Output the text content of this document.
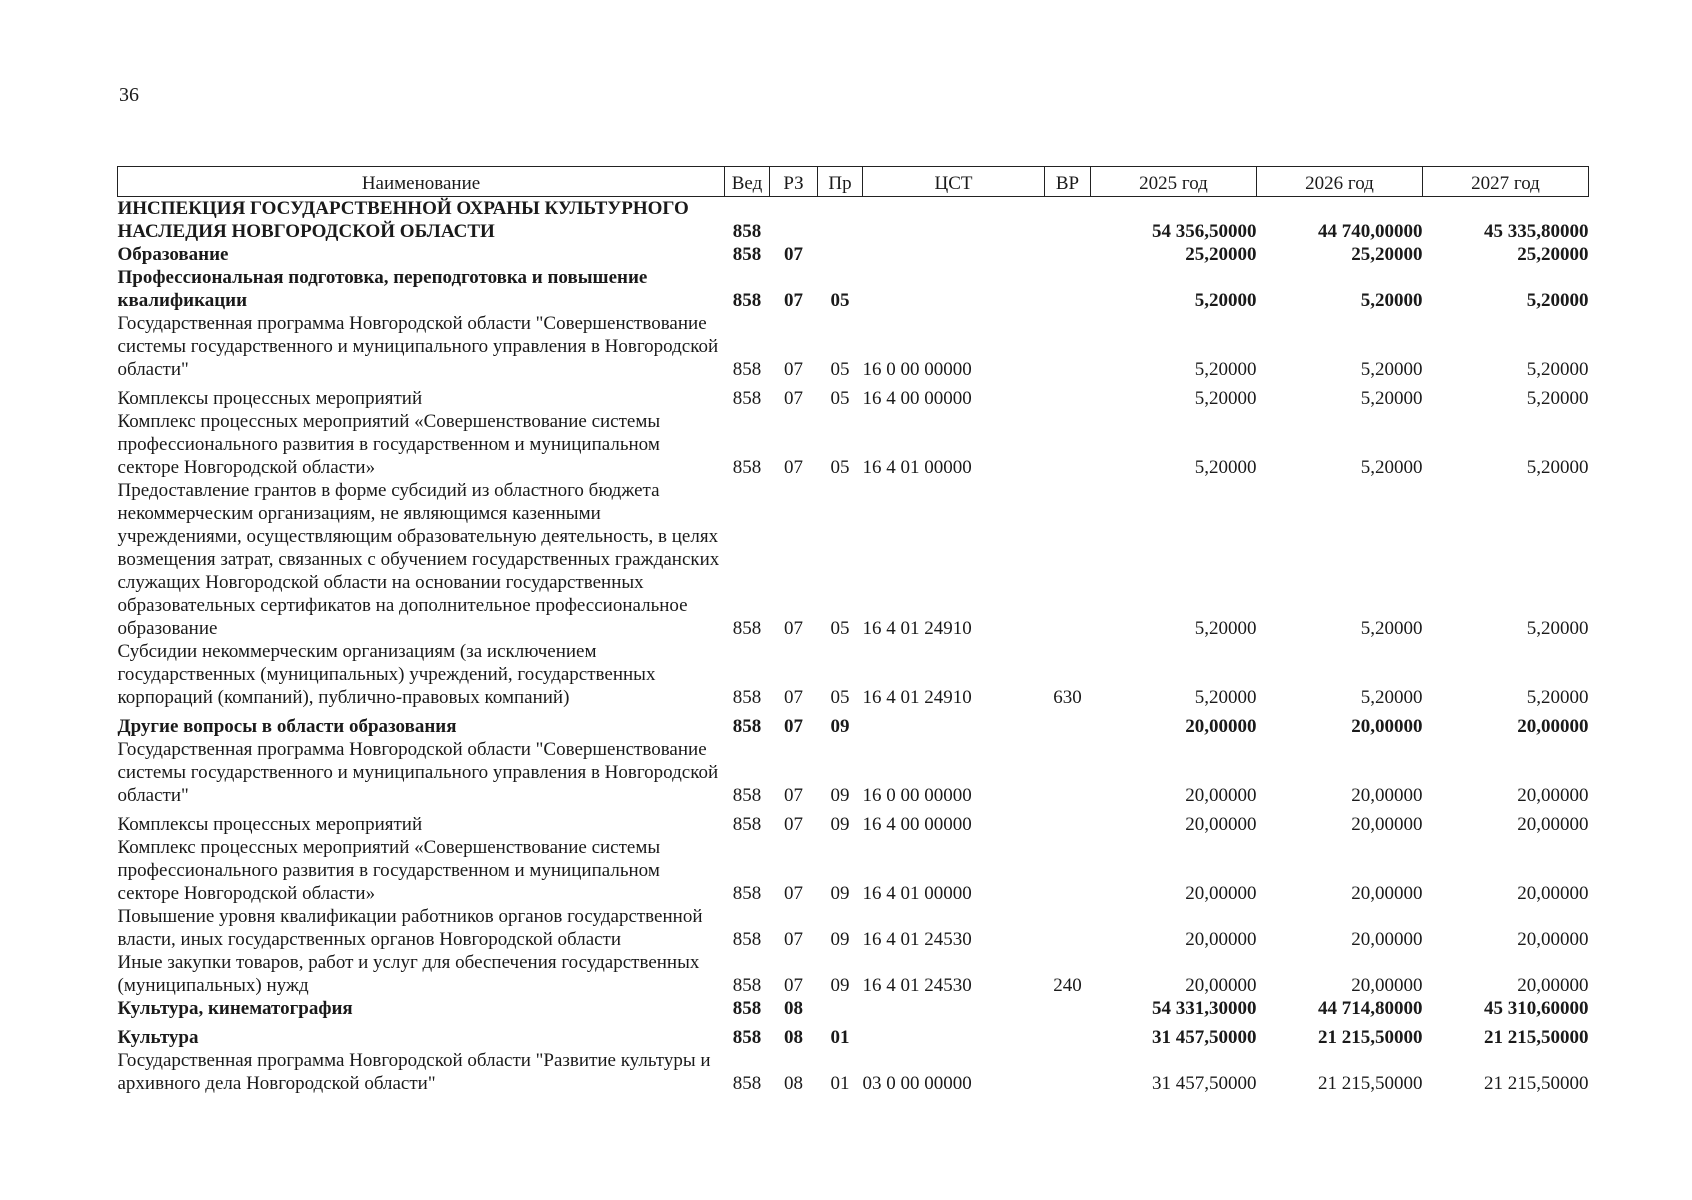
36
Наименование	Вед	РЗ	Пр	ЦСТ	ВР	2025 год	2026 год	2027 год
ИНСПЕКЦИЯ ГОСУДАРСТВЕННОЙ ОХРАНЫ КУЛЬТУРНОГО НАСЛЕДИЯ НОВГОРОДСКОЙ ОБЛАСТИ	858					54 356,50000	44 740,00000	45 335,80000
Образование	858	07				25,20000	25,20000	25,20000
Профессиональная подготовка, переподготовка и повышение квалификации	858	07	05			5,20000	5,20000	5,20000
Государственная программа Новгородской области "Совершенствование системы государственного и муниципального управления в Новгородской области"	858	07	05	16 0 00 00000		5,20000	5,20000	5,20000
Комплексы процессных мероприятий	858	07	05	16 4 00 00000		5,20000	5,20000	5,20000
Комплекс процессных мероприятий «Совершенствование системы профессионального развития в государственном и муниципальном секторе Новгородской области»	858	07	05	16 4 01 00000		5,20000	5,20000	5,20000
Предоставление грантов в форме субсидий из областного бюджета некоммерческим организациям, не являющимся казенными учреждениями, осуществляющим образовательную деятельность, в целях возмещения затрат, связанных с обучением государственных гражданских служащих Новгородской области на основании государственных образовательных сертификатов на дополнительное профессиональное образование	858	07	05	16 4 01 24910		5,20000	5,20000	5,20000
Субсидии некоммерческим организациям (за исключением государственных (муниципальных) учреждений, государственных корпораций (компаний), публично-правовых компаний)	858	07	05	16 4 01 24910	630	5,20000	5,20000	5,20000
Другие вопросы в области образования	858	07	09			20,00000	20,00000	20,00000
Государственная программа Новгородской области "Совершенствование системы государственного и муниципального управления в Новгородской области"	858	07	09	16 0 00 00000		20,00000	20,00000	20,00000
Комплексы процессных мероприятий	858	07	09	16 4 00 00000		20,00000	20,00000	20,00000
Комплекс процессных мероприятий «Совершенствование системы профессионального развития в государственном и муниципальном секторе Новгородской области»	858	07	09	16 4 01 00000		20,00000	20,00000	20,00000
Повышение уровня квалификации работников органов государственной власти, иных государственных органов Новгородской области	858	07	09	16 4 01 24530		20,00000	20,00000	20,00000
Иные закупки товаров, работ и услуг для обеспечения государственных (муниципальных) нужд	858	07	09	16 4 01 24530	240	20,00000	20,00000	20,00000
Культура, кинематография	858	08				54 331,30000	44 714,80000	45 310,60000
Культура	858	08	01			31 457,50000	21 215,50000	21 215,50000
Государственная программа Новгородской области "Развитие культуры и архивного дела Новгородской области"	858	08	01	03 0 00 00000		31 457,50000	21 215,50000	21 215,50000
